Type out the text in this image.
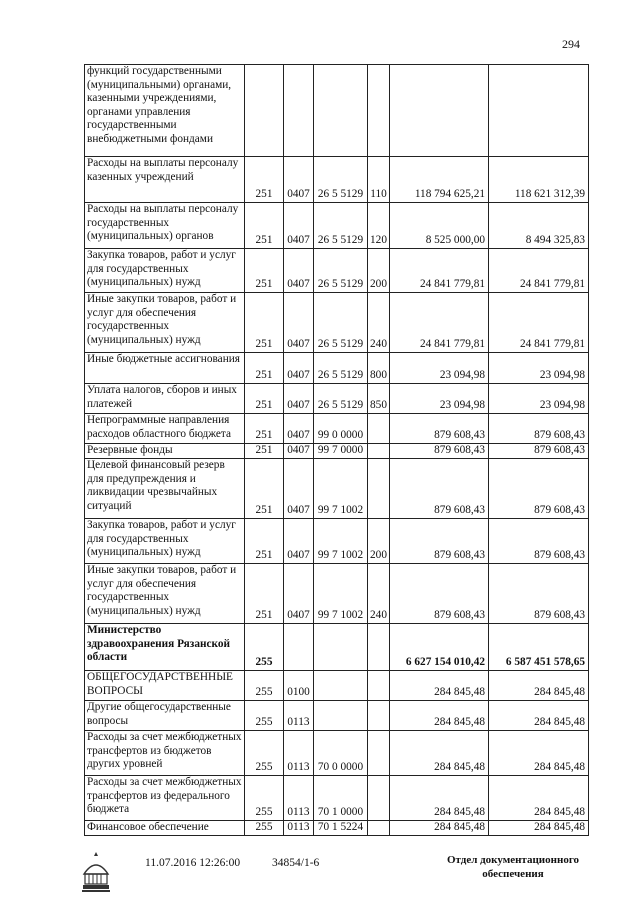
294
функций государственными (муниципальными) органами, казенными учреждениями, органами управления государственными внебюджетными фондами						
Расходы на выплаты персоналу казенных учреждений	251	0407	26 5 5129	110	118 794 625,21	118 621 312,39
Расходы на выплаты персоналу государственных (муниципальных) органов	251	0407	26 5 5129	120	8 525 000,00	8 494 325,83
Закупка товаров, работ и услуг для государственных (муниципальных) нужд	251	0407	26 5 5129	200	24 841 779,81	24 841 779,81
Иные закупки товаров, работ и услуг для обеспечения государственных (муниципальных) нужд	251	0407	26 5 5129	240	24 841 779,81	24 841 779,81
Иные бюджетные ассигнования	251	0407	26 5 5129	800	23 094,98	23 094,98
Уплата налогов, сборов и иных платежей	251	0407	26 5 5129	850	23 094,98	23 094,98
Непрограммные направления расходов областного бюджета	251	0407	99 0 0000		879 608,43	879 608,43
Резервные фонды	251	0407	99 7 0000		879 608,43	879 608,43
Целевой финансовый резерв для предупреждения и ликвидации чрезвычайных ситуаций	251	0407	99 7 1002		879 608,43	879 608,43
Закупка товаров, работ и услуг для государственных (муниципальных) нужд	251	0407	99 7 1002	200	879 608,43	879 608,43
Иные закупки товаров, работ и услуг для обеспечения государственных (муниципальных) нужд	251	0407	99 7 1002	240	879 608,43	879 608,43
Министерство здравоохранения Рязанской области	255				6 627 154 010,42	6 587 451 578,65
ОБЩЕГОСУДАРСТВЕННЫЕ ВОПРОСЫ	255	0100			284 845,48	284 845,48
Другие общегосударственные вопросы	255	0113			284 845,48	284 845,48
Расходы за счет межбюджетных трансфертов из бюджетов других уровней	255	0113	70 0 0000		284 845,48	284 845,48
Расходы за счет межбюджетных трансфертов из федерального бюджета	255	0113	70 1 0000		284 845,48	284 845,48
Финансовое обеспечение	255	0113	70 1 5224		284 845,48	284 845,48
11.07.2016 12:26:00	34854/1-6	Отдел документационного
обеспечения
